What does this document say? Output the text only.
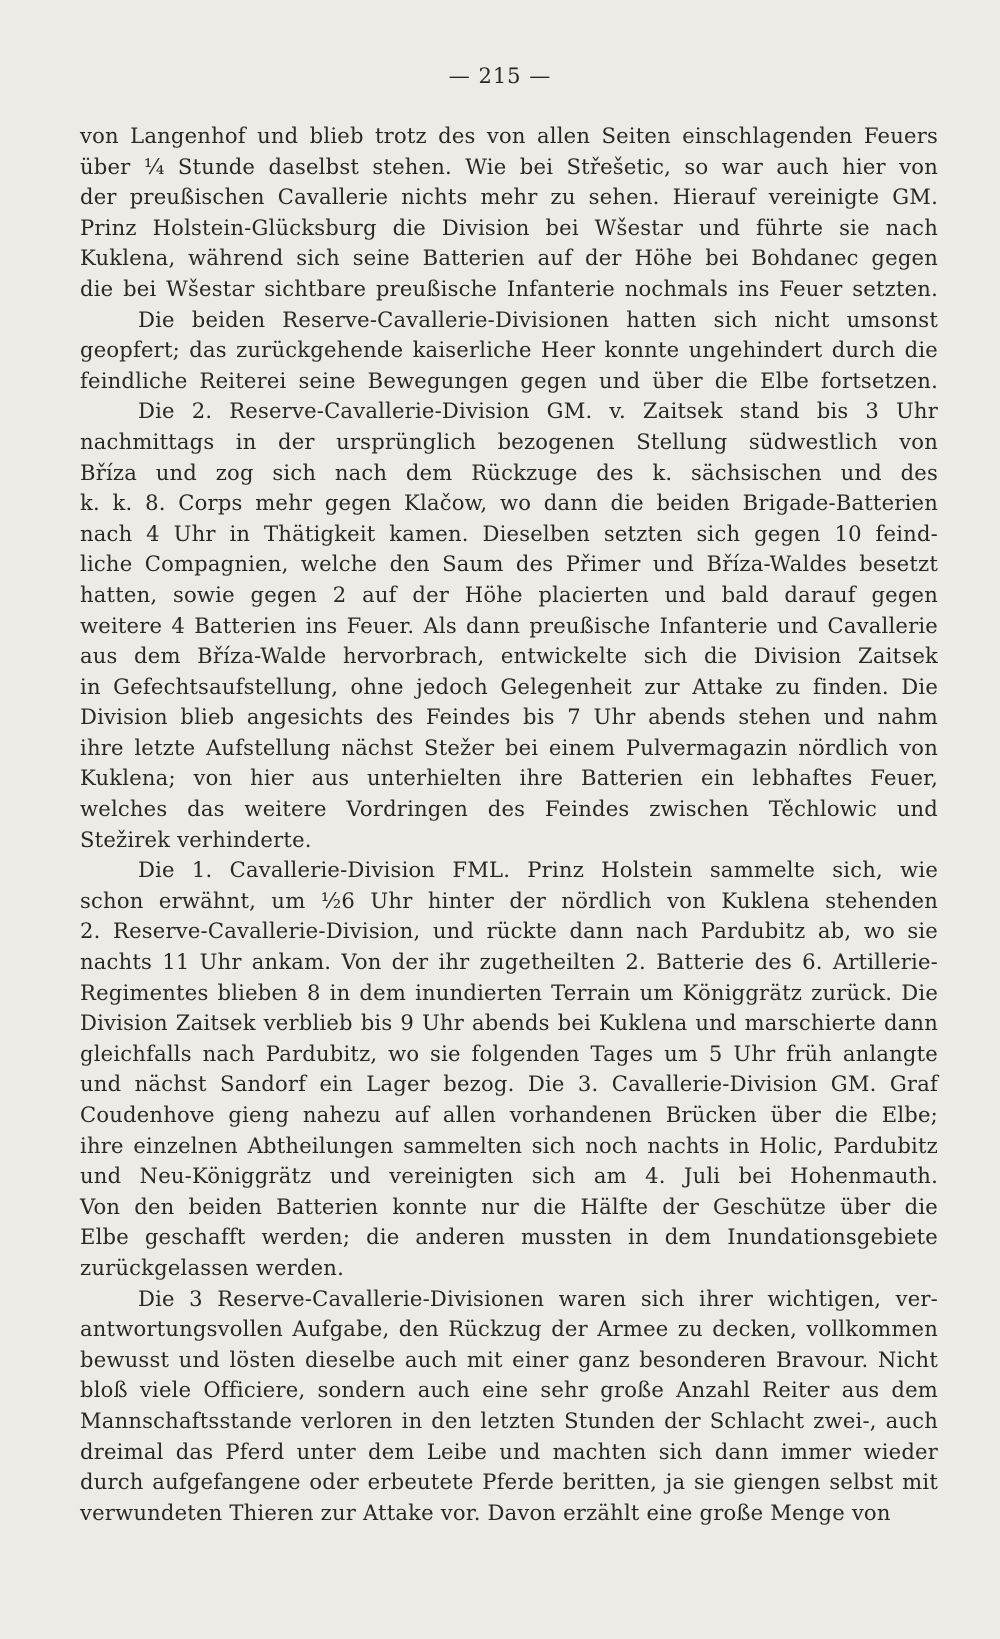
— 215 —
von Langenhof und blieb trotz des von allen Seiten einschlagenden Feuers
über ¼ Stunde daselbst stehen. Wie bei Střešetic, so war auch hier von
der preußischen Cavallerie nichts mehr zu sehen. Hierauf vereinigte GM.
Prinz Holstein-Glücksburg die Division bei Wšestar und führte sie nach
Kuklena, während sich seine Batterien auf der Höhe bei Bohdanec gegen
die bei Wšestar sichtbare preußische Infanterie nochmals ins Feuer setzten.
Die beiden Reserve-Cavallerie-Divisionen hatten sich nicht umsonst
geopfert; das zurückgehende kaiserliche Heer konnte ungehindert durch die
feindliche Reiterei seine Bewegungen gegen und über die Elbe fortsetzen.
Die 2. Reserve-Cavallerie-Division GM. v. Zaitsek stand bis 3 Uhr
nachmittags in der ursprünglich bezogenen Stellung südwestlich von
Bříza und zog sich nach dem Rückzuge des k. sächsischen und des
k. k. 8. Corps mehr gegen Klačow, wo dann die beiden Brigade-Batterien
nach 4 Uhr in Thätigkeit kamen. Dieselben setzten sich gegen 10 feind-
liche Compagnien, welche den Saum des Přimer und Bříza-Waldes besetzt
hatten, sowie gegen 2 auf der Höhe placierten und bald darauf gegen
weitere 4 Batterien ins Feuer. Als dann preußische Infanterie und Cavallerie
aus dem Bříza-Walde hervorbrach, entwickelte sich die Division Zaitsek
in Gefechtsaufstellung, ohne jedoch Gelegenheit zur Attake zu finden. Die
Division blieb angesichts des Feindes bis 7 Uhr abends stehen und nahm
ihre letzte Aufstellung nächst Stežer bei einem Pulvermagazin nördlich von
Kuklena; von hier aus unterhielten ihre Batterien ein lebhaftes Feuer,
welches das weitere Vordringen des Feindes zwischen Těchlowic und
Stežirek verhinderte.
Die 1. Cavallerie-Division FML. Prinz Holstein sammelte sich, wie
schon erwähnt, um ½6 Uhr hinter der nördlich von Kuklena stehenden
2. Reserve-Cavallerie-Division, und rückte dann nach Pardubitz ab, wo sie
nachts 11 Uhr ankam. Von der ihr zugetheilten 2. Batterie des 6. Artillerie-
Regimentes blieben 8 in dem inundierten Terrain um Königgrätz zurück. Die
Division Zaitsek verblieb bis 9 Uhr abends bei Kuklena und marschierte dann
gleichfalls nach Pardubitz, wo sie folgenden Tages um 5 Uhr früh anlangte
und nächst Sandorf ein Lager bezog. Die 3. Cavallerie-Division GM. Graf
Coudenhove gieng nahezu auf allen vorhandenen Brücken über die Elbe;
ihre einzelnen Abtheilungen sammelten sich noch nachts in Holic, Pardubitz
und Neu-Königgrätz und vereinigten sich am 4. Juli bei Hohenmauth.
Von den beiden Batterien konnte nur die Hälfte der Geschütze über die
Elbe geschafft werden; die anderen mussten in dem Inundationsgebiete
zurückgelassen werden.
Die 3 Reserve-Cavallerie-Divisionen waren sich ihrer wichtigen, ver-
antwortungsvollen Aufgabe, den Rückzug der Armee zu decken, vollkommen
bewusst und lösten dieselbe auch mit einer ganz besonderen Bravour. Nicht
bloß viele Officiere, sondern auch eine sehr große Anzahl Reiter aus dem
Mannschaftsstande verloren in den letzten Stunden der Schlacht zwei-, auch
dreimal das Pferd unter dem Leibe und machten sich dann immer wieder
durch aufgefangene oder erbeutete Pferde beritten, ja sie giengen selbst mit
verwundeten Thieren zur Attake vor. Davon erzählt eine große Menge von
